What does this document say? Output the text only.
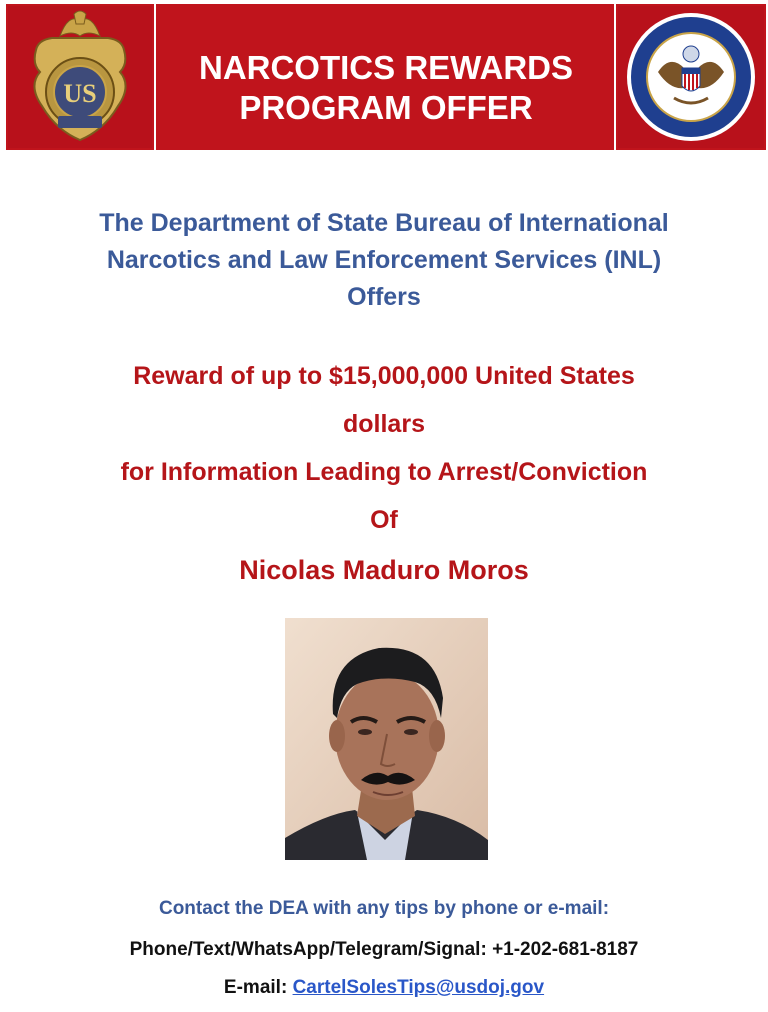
US
NARCOTICS REWARDS
PROGRAM OFFER
The Department of State Bureau of International
Narcotics and Law Enforcement Services (INL)
Offers
Reward of up to $15,000,000 United States
dollars
for Information Leading to Arrest/Conviction
Of
Nicolas Maduro Moros
Contact the DEA with any tips by phone or e-mail:
Phone/Text/WhatsApp/Telegram/Signal: +1-202-681-8187
E-mail: CartelSolesTips@usdoj.gov
